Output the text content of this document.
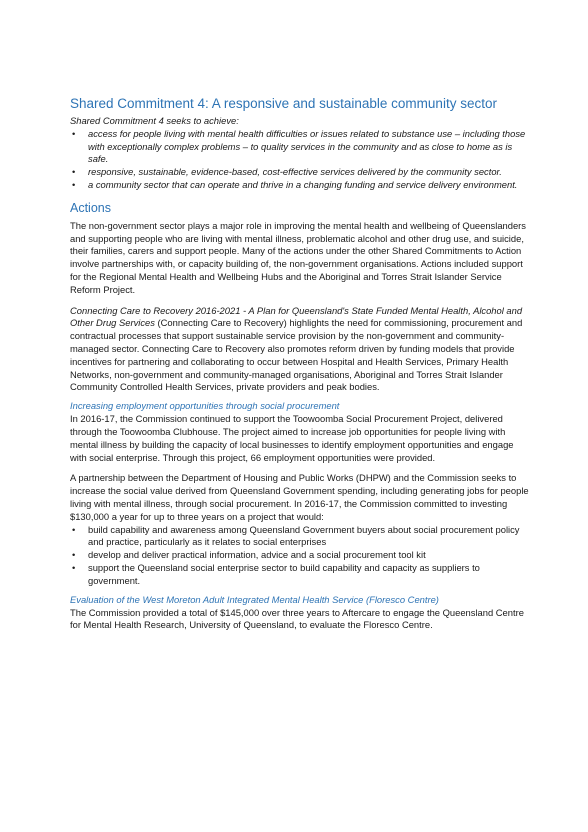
Shared Commitment 4: A responsive and sustainable community sector

Shared Commitment 4 seeks to achieve:

• access for people living with mental health difficulties or issues related to substance use – including those with exceptionally complex problems – to quality services in the community and as close to home as is safe.
• responsive, sustainable, evidence-based, cost-effective services delivered by the community sector.
• a community sector that can operate and thrive in a changing funding and service delivery environment.
Actions

The non-government sector plays a major role in improving the mental health and wellbeing of Queenslanders and supporting people who are living with mental illness, problematic alcohol and other drug use, and suicide, their families, carers and support people. Many of the actions under the other Shared Commitments to Action involve partnerships with, or capacity building of, the non-government organisations. Actions included support for the Regional Mental Health and Wellbeing Hubs and the Aboriginal and Torres Strait Islander Service Reform Project.

Connecting Care to Recovery 2016-2021 - A Plan for Queensland's State Funded Mental Health, Alcohol and Other Drug Services (Connecting Care to Recovery) highlights the need for commissioning, procurement and contractual processes that support sustainable service provision by the non-government and community-managed sector. Connecting Care to Recovery also promotes reform driven by funding models that provide incentives for partnering and collaborating to occur between Hospital and Health Services, Primary Health Networks, non-government and community-managed organisations, Aboriginal and Torres Strait Islander Community Controlled Health Services, private providers and peak bodies.

Increasing employment opportunities through social procurement

In 2016-17, the Commission continued to support the Toowoomba Social Procurement Project, delivered through the Toowoomba Clubhouse. The project aimed to increase job opportunities for people living with mental illness by building the capacity of local businesses to identify employment opportunities and engage with social enterprise. Through this project, 66 employment opportunities were provided.

A partnership between the Department of Housing and Public Works (DHPW) and the Commission seeks to increase the social value derived from Queensland Government spending, including generating jobs for people living with mental illness, through social procurement. In 2016-17, the Commission committed to investing $130,000 a year for up to three years on a project that would:

• build capability and awareness among Queensland Government buyers about social procurement policy and practice, particularly as it relates to social enterprises
• develop and deliver practical information, advice and a social procurement tool kit
• support the Queensland social enterprise sector to build capability and capacity as suppliers to government.
Evaluation of the West Moreton Adult Integrated Mental Health Service (Floresco Centre)

The Commission provided a total of $145,000 over three years to Aftercare to engage the Queensland Centre for Mental Health Research, University of Queensland, to evaluate the Floresco Centre.
